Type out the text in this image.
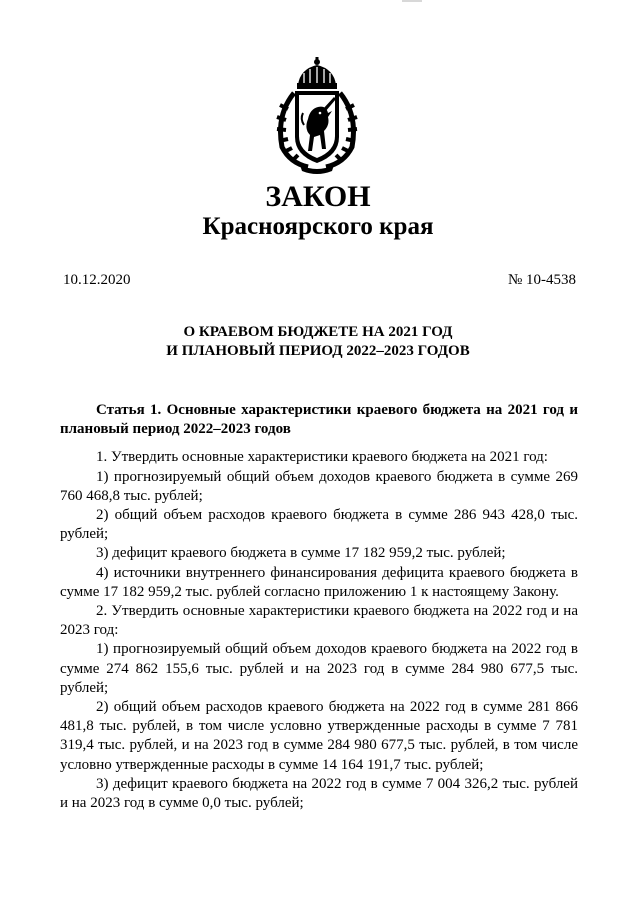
ЗАКОН
Красноярского края
10.12.2020	№ 10-4538
О КРАЕВОМ БЮДЖЕТЕ НА 2021 ГОД
И ПЛАНОВЫЙ ПЕРИОД 2022–2023 ГОДОВ

Статья 1. Основные характеристики краевого бюджета на 2021 год и плановый период 2022–2023 годов

1. Утвердить основные характеристики краевого бюджета на 2021 год:

1) прогнозируемый общий объем доходов краевого бюджета в сумме 269 760 468,8 тыс. рублей;

2) общий объем расходов краевого бюджета в сумме 286 943 428,0 тыс. рублей;

3) дефицит краевого бюджета в сумме 17 182 959,2 тыс. рублей;

4) источники внутреннего финансирования дефицита краевого бюджета в сумме 17 182 959,2 тыс. рублей согласно приложению 1 к настоящему Закону.

2. Утвердить основные характеристики краевого бюджета на 2022 год и на 2023 год:

1) прогнозируемый общий объем доходов краевого бюджета на 2022 год в сумме 274 862 155,6 тыс. рублей и на 2023 год в сумме 284 980 677,5 тыс. рублей;

2) общий объем расходов краевого бюджета на 2022 год в сумме 281 866 481,8 тыс. рублей, в том числе условно утвержденные расходы в сумме 7 781 319,4 тыс. рублей, и на 2023 год в сумме 284 980 677,5 тыс. рублей, в том числе условно утвержденные расходы в сумме 14 164 191,7 тыс. рублей;

3) дефицит краевого бюджета на 2022 год в сумме 7 004 326,2 тыс. рублей и на 2023 год в сумме 0,0 тыс. рублей;
